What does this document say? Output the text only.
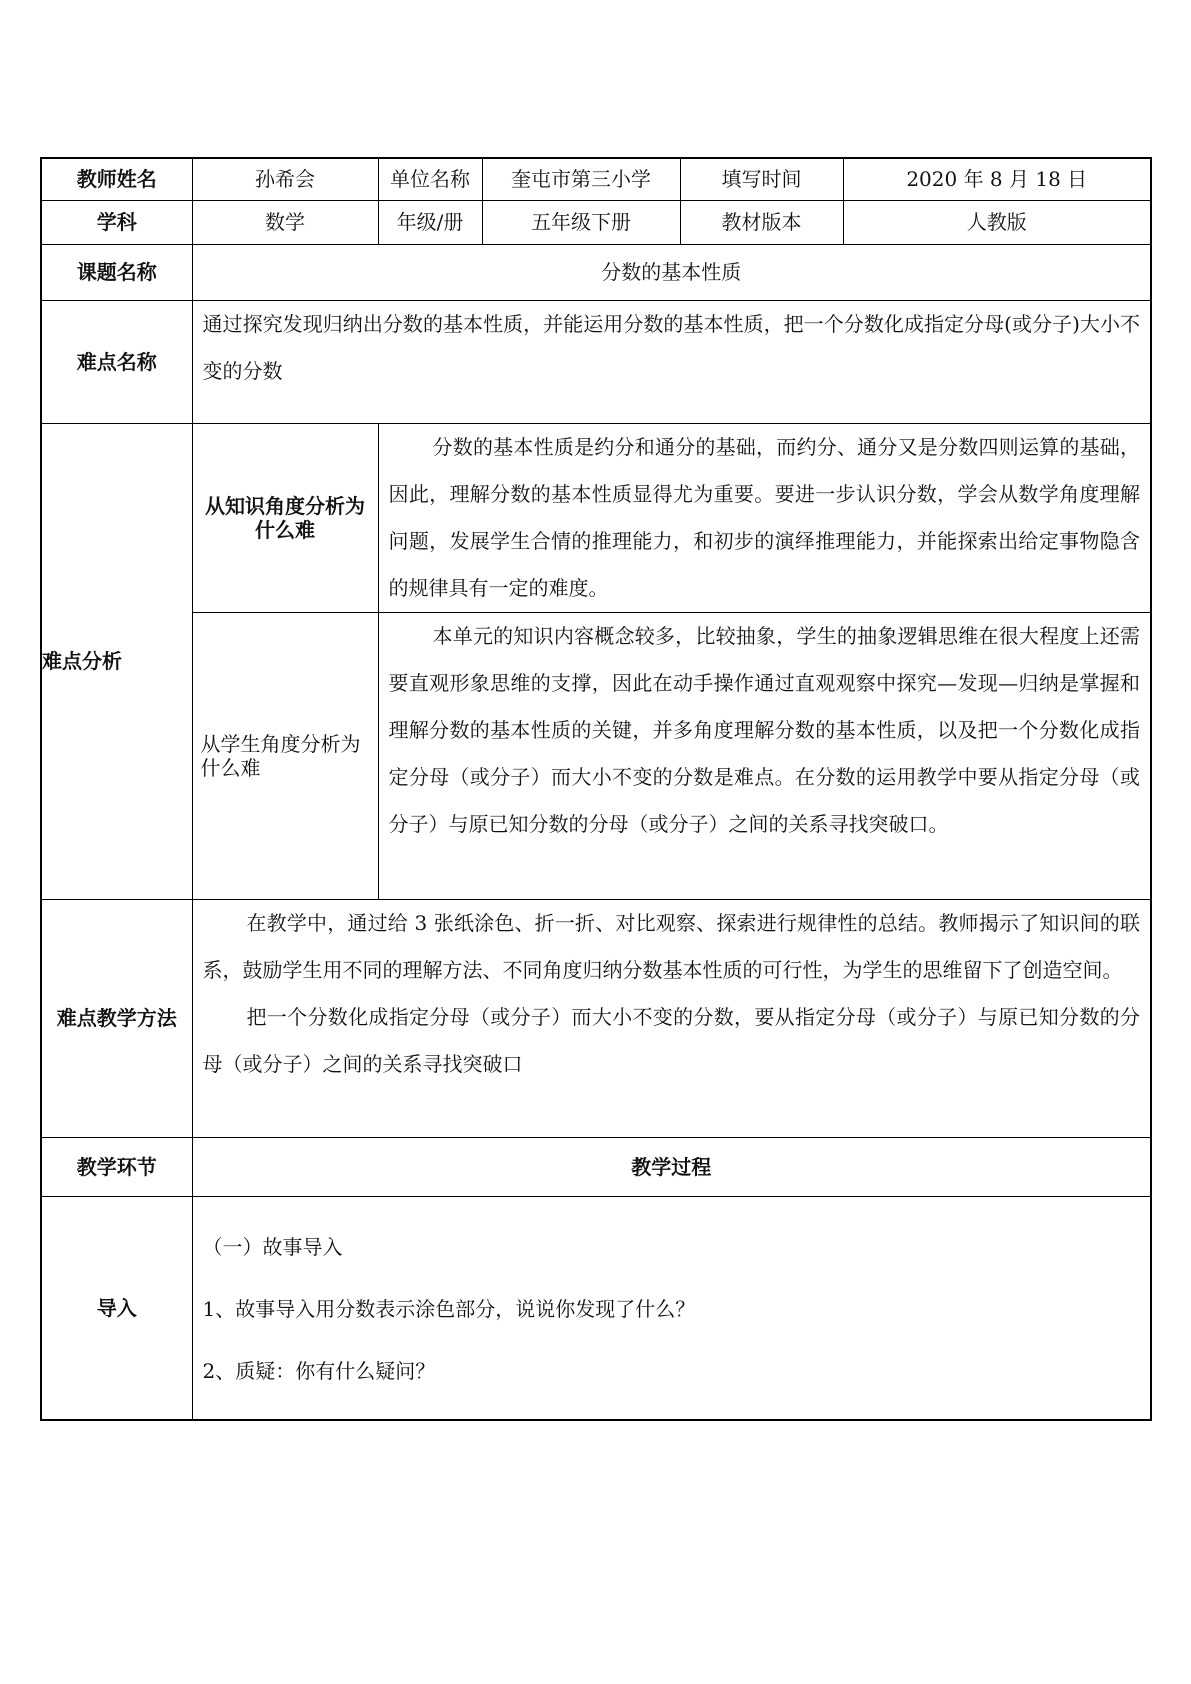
教师姓名	孙希会	单位名称	奎屯市第三小学	填写时间	2020 年 8 月 18 日
学科	数学	年级/册	五年级下册	教材版本	人教版
课题名称	分数的基本性质				
难点名称	通过探究发现归纳出分数的基本性质，并能运用分数的基本性质，把一个分数化成指定分母(或分子)大小不变的分数				

难点分析	从知识角度分析为什么难	分数的基本性质是约分和通分的基础，而约分、通分又是分数四则运算的基础，因此，理解分数的基本性质显得尤为重要。要进一步认识分数，学会从数学角度理解问题，发展学生合情的推理能力，和初步的演绎推理能力，并能探索出给定事物隐含的规律具有一定的难度。			

	从学生角度分析为什么难	本单元的知识内容概念较多，比较抽象，学生的抽象逻辑思维在很大程度上还需要直观形象思维的支撑，因此在动手操作通过直观观察中探究—发现—归纳是掌握和理解分数的基本性质的关键，并多角度理解分数的基本性质，以及把一个分数化成指定分母（或分子）而大小不变的分数是难点。在分数的运用教学中要从指定分母（或分子）与原已知分数的分母（或分子）之间的关系寻找突破口。			

难点教学方法	在教学中，通过给 3 张纸涂色、折一折、对比观察、探索进行规律性的总结。教师揭示了知识间的联系，鼓励学生用不同的理解方法、不同角度归纳分数基本性质的可行性，为学生的思维留下了创造空间。
把一个分数化成指定分母（或分子）而大小不变的分数，要从指定分母（或分子）与原已知分数的分母（或分子）之间的关系寻找突破口				

教学环节	教学过程				
导入	（一）故事导入

1、故事导入用分数表示涂色部分，说说你发现了什么？

2、质疑：你有什么疑问？				
